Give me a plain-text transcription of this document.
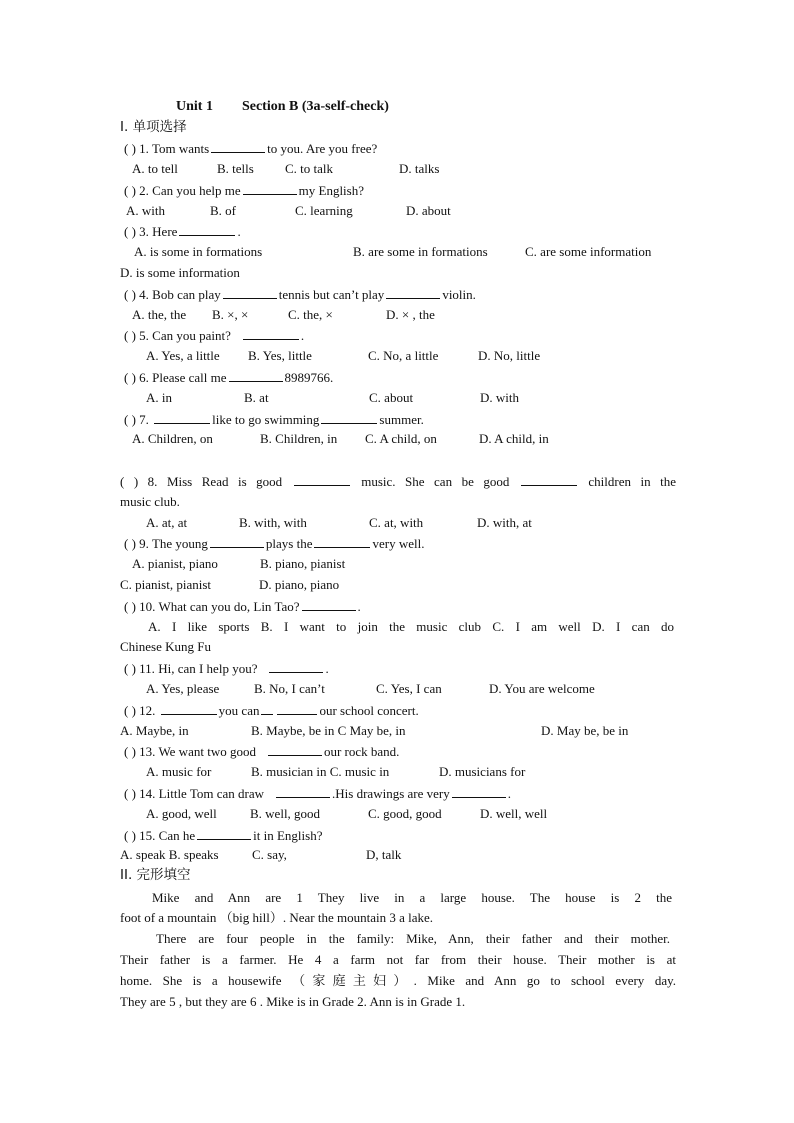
Unit 1 Section B (3a-self-check)
I. 单项选择
( ) 1. Tom wants	to you. Are you free?
A. to tell	B. tells C. to talk	D. talks
( ) 2. Can you help me	my English?
A. with	B. of	C. learning	D. about
( ) 3. Here	.
A. is some in formations	B. are some in formations	C. are some information
D. is some information
( ) 4. Bob can play	tennis but can’t play	violin.
A. the, the B. ×, ×	C. the, ×	D. × , the
( ) 5. Can you paint?	.
A. Yes, a little B. Yes, little	C. No, a little	D. No, little
( ) 6. Please call me	8989766.
A. in	B. at	C. about	D. with
( ) 7.	like to go swimming	summer.
A. Children, on	B. Children, in C. A child, on	D. A child, in
( ) 8. Miss Read is good	music. She can be good	children in the
music club.
A. at, at	B. with, with	C. at, with	D. with, at
( ) 9. The young	plays the	very well.
A. pianist, piano	B. piano, pianist
C. pianist, pianist	D. piano, piano
( ) 10. What can you do, Lin Tao?	.
A. I like sports B. I want to join the music club C. I am well D. I can do
Chinese Kung Fu
( ) 11. Hi, can I help you?	.
A. Yes, please	B. No, I can’t	C. Yes, I can	D. You are welcome
( ) 12.	you can	our school concert.
A. Maybe, in	B. Maybe, be in C May be, in	D. May be, be in
( ) 13. We want two good	our rock band.
A. music for	B. musician in C. music in	D. musicians for
( ) 14. Little Tom can draw	.His drawings are very	.
A. good, well	B. well, good	C. good, good	D. well, well
( ) 15. Can he	it in English?
A. speak B. speaks	C. say,	D, talk
II. 完形填空
Mike and Ann are 1 They live in a large house. The house is 2 the
foot of a mountain （big hill）. Near the mountain 3 a lake.
There are four people in the family: Mike, Ann, their father and their mother.
Their father is a farmer. He 4 a farm not far from their house. Their mother is at
home. She is a housewife （家庭主妇）. Mike and Ann go to school every day.
They are 5 , but they are 6 . Mike is in Grade 2. Ann is in Grade 1.
